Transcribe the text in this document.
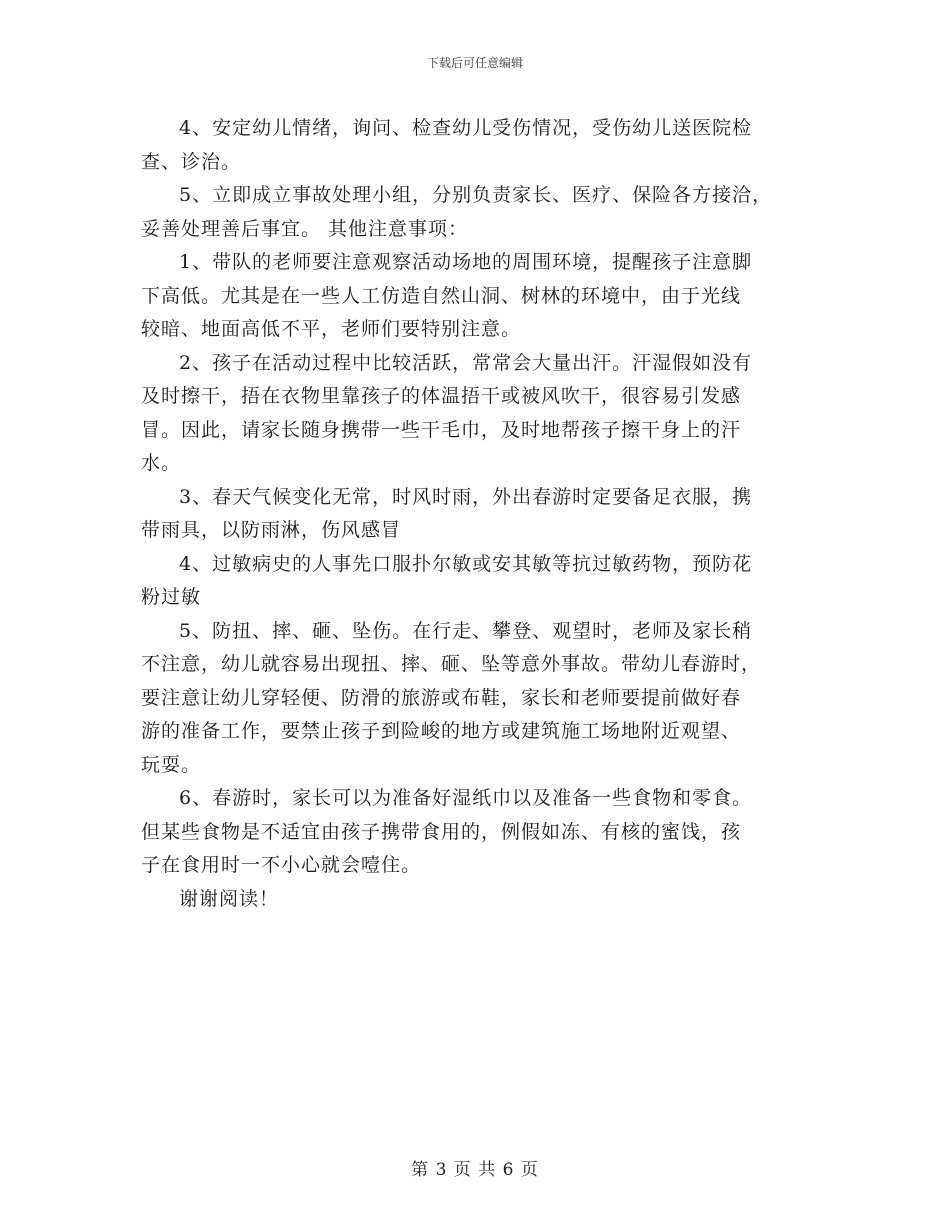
下载后可任意编辑
4、安定幼儿情绪，询问、检查幼儿受伤情况，受伤幼儿送医院检
查、诊治。
5、立即成立事故处理小组，分别负责家长、医疗、保险各方接洽，
妥善处理善后事宜。 其他注意事项：
1、带队的老师要注意观察活动场地的周围环境，提醒孩子注意脚
下高低。尤其是在一些人工仿造自然山洞、树林的环境中，由于光线
较暗、地面高低不平，老师们要特别注意。
2、孩子在活动过程中比较活跃，常常会大量出汗。汗湿假如没有
及时擦干，捂在衣物里靠孩子的体温捂干或被风吹干，很容易引发感
冒。因此，请家长随身携带一些干毛巾，及时地帮孩子擦干身上的汗
水。
3、春天气候变化无常，时风时雨，外出春游时定要备足衣服，携
带雨具，以防雨淋，伤风感冒
4、过敏病史的人事先口服扑尔敏或安其敏等抗过敏药物，预防花
粉过敏
5、防扭、摔、砸、坠伤。在行走、攀登、观望时，老师及家长稍
不注意，幼儿就容易出现扭、摔、砸、坠等意外事故。带幼儿春游时，
要注意让幼儿穿轻便、防滑的旅游或布鞋，家长和老师要提前做好春
游的准备工作，要禁止孩子到险峻的地方或建筑施工场地附近观望、
玩耍。
6、春游时，家长可以为准备好湿纸巾以及准备一些食物和零食。
但某些食物是不适宜由孩子携带食用的，例假如冻、有核的蜜饯，孩
子在食用时一不小心就会噎住。
谢谢阅读！
第 3 页 共 6 页
